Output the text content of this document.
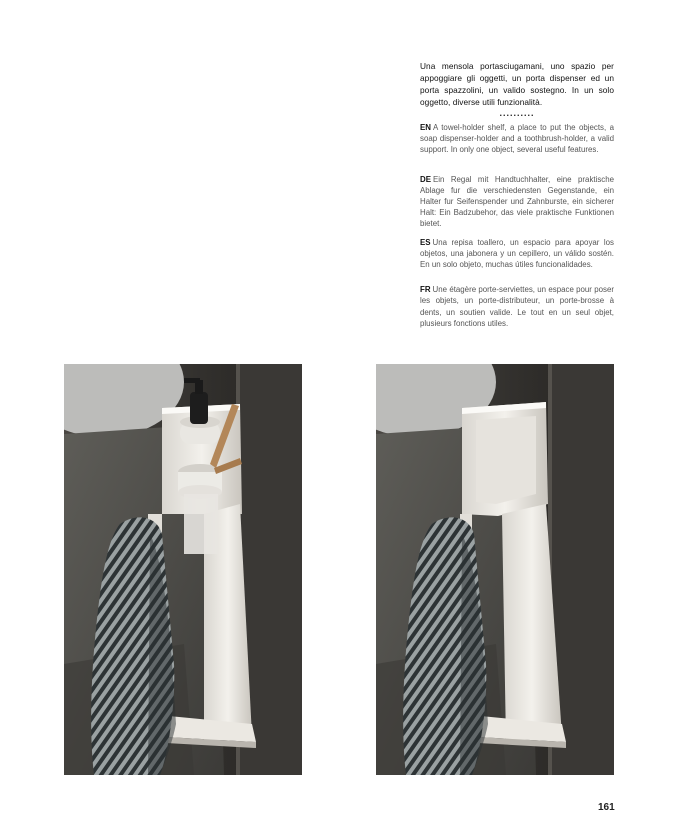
Una mensola portasciugamani, uno spazio per appoggiare gli oggetti, un porta dispenser ed un porta spazzolini, un valido sostegno. In un solo oggetto, diverse utili funzionalità.

..........

EN A towel-holder shelf, a place to put the objects, a soap dispenser-holder and a toothbrush-holder, a valid support. In only one object, several useful features.

DE Ein Regal mit Handtuchhalter, eine praktische Ablage fur die verschiedensten Gegenstande, ein Halter fur Seifenspender und Zahnburste, ein sicherer Halt: Ein Badzubehor, das viele praktische Funktionen bietet.

ES Una repisa toallero, un espacio para apoyar los objetos, una jabonera y un cepillero, un válido sostén. En un solo objeto, muchas útiles funcionalidades.

FR Une étagère porte-serviettes, un espace pour poser les objets, un porte-distributeur, un porte-brosse à dents, un soutien valide. Le tout en un seul objet, plusieurs fonctions utiles.

161
